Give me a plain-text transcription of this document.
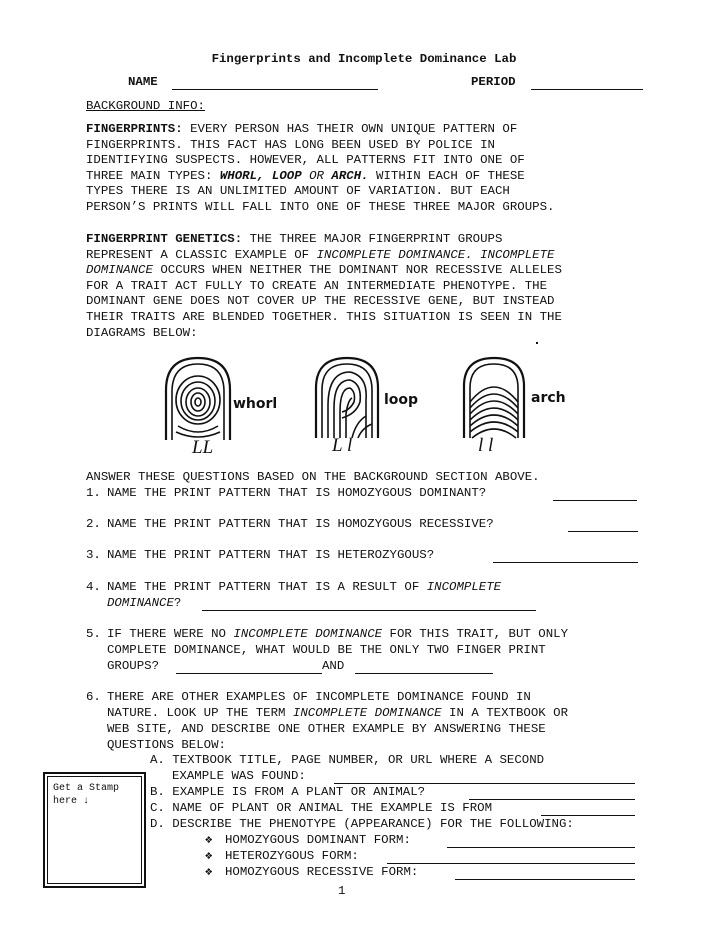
Fingerprints and Incomplete Dominance Lab
NAME	PERIOD
BACKGROUND INFO:
FINGERPRINTS: EVERY PERSON HAS THEIR OWN UNIQUE PATTERN OF
FINGERPRINTS. THIS FACT HAS LONG BEEN USED BY POLICE IN
IDENTIFYING SUSPECTS. HOWEVER, ALL PATTERNS FIT INTO ONE OF
THREE MAIN TYPES: WHORL, LOOP OR ARCH. WITHIN EACH OF THESE
TYPES THERE IS AN UNLIMITED AMOUNT OF VARIATION. BUT EACH
PERSON’S PRINTS WILL FALL INTO ONE OF THESE THREE MAJOR GROUPS.
FINGERPRINT GENETICS: THE THREE MAJOR FINGERPRINT GROUPS
REPRESENT A CLASSIC EXAMPLE OF INCOMPLETE DOMINANCE. INCOMPLETE
DOMINANCE OCCURS WHEN NEITHER THE DOMINANT NOR RECESSIVE ALLELES
FOR A TRAIT ACT FULLY TO CREATE AN INTERMEDIATE PHENOTYPE. THE
DOMINANT GENE DOES NOT COVER UP THE RECESSIVE GENE, BUT INSTEAD
THEIR TRAITS ARE BLENDED TOGETHER. THIS SITUATION IS SEEN IN THE
DIAGRAMS BELOW:
whorl
LL
loop
L l
arch
l l
ANSWER THESE QUESTIONS BASED ON THE BACKGROUND SECTION ABOVE.
1. NAME THE PRINT PATTERN THAT IS HOMOZYGOUS DOMINANT?
2. NAME THE PRINT PATTERN THAT IS HOMOZYGOUS RECESSIVE?
3. NAME THE PRINT PATTERN THAT IS HETEROZYGOUS?
4. NAME THE PRINT PATTERN THAT IS A RESULT OF INCOMPLETE
DOMINANCE?
5. IF THERE WERE NO INCOMPLETE DOMINANCE FOR THIS TRAIT, BUT ONLY
COMPLETE DOMINANCE, WHAT WOULD BE THE ONLY TWO FINGER PRINT
GROUPS?	AND
6. THERE ARE OTHER EXAMPLES OF INCOMPLETE DOMINANCE FOUND IN
NATURE. LOOK UP THE TERM INCOMPLETE DOMINANCE IN A TEXTBOOK OR
WEB SITE, AND DESCRIBE ONE OTHER EXAMPLE BY ANSWERING THESE
QUESTIONS BELOW:
A. TEXTBOOK TITLE, PAGE NUMBER, OR URL WHERE A SECOND
EXAMPLE WAS FOUND:
B. EXAMPLE IS FROM A PLANT OR ANIMAL?
C. NAME OF PLANT OR ANIMAL THE EXAMPLE IS FROM
D. DESCRIBE THE PHENOTYPE (APPEARANCE) FOR THE FOLLOWING:
❖ HOMOZYGOUS DOMINANT FORM:
❖ HETEROZYGOUS FORM:
❖ HOMOZYGOUS RECESSIVE FORM:
Get a Stamp
here ↓
1
